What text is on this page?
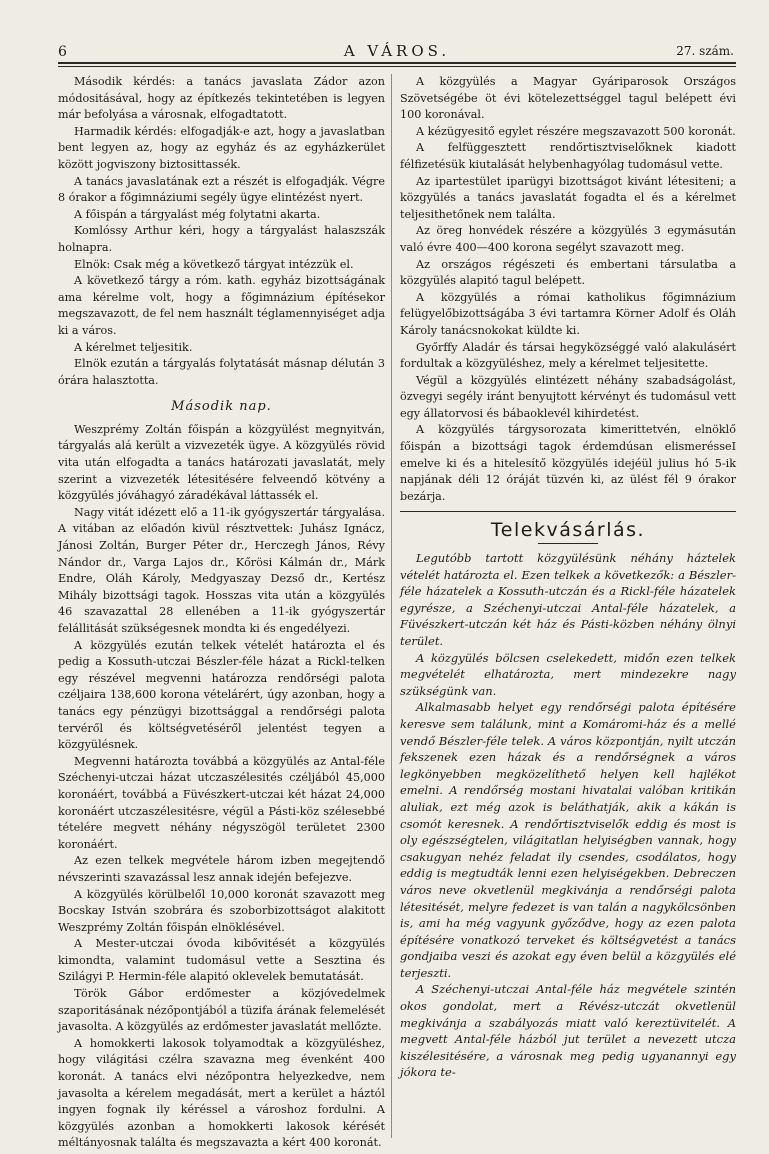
6	A VÁROS.	27. szám.

Második kérdés: a tanács javaslata Zádor azon módositásával, hogy az építkezés tekintetében is legyen már befolyása a városnak, elfogadtatott.

Harmadik kérdés: elfogadják-e azt, hogy a javaslatban bent legyen az, hogy az egyház és az egyházkerület között jogviszony biztosittassék.

A tanács javaslatának ezt a részét is elfogadják. Végre 8 órakor a főgimnáziumi segély ügye elintézést nyert.

A főispán a tárgyalást még folytatni akarta.

Komlóssy Arthur kéri, hogy a tárgyalást halaszszák holnapra.

Elnök: Csak még a következő tárgyat intézzük el.

A következő tárgy a róm. kath. egyház bizottságának ama kérelme volt, hogy a főgimnázium építésekor megszavazott, de fel nem használt téglamennyiséget adja ki a város.

A kérelmet teljesitik.

Elnök ezután a tárgyalás folytatását másnap délután 3 órára halasztotta.

Második nap.

Weszprémy Zoltán főispán a közgyülést megnyitván, tárgyalás alá került a vizvezeték ügye. A közgyülés rövid vita után elfogadta a tanács határozati javaslatát, mely szerint a vizvezeték létesitésére felveendő kötvény a közgyülés jóváhagyó záradékával láttassék el.

Nagy vitát idézett elő a 11-ik gyógyszertár tárgyalása. A vitában az előadón kivül résztvettek: Juhász Ignácz, Jánosi Zoltán, Burger Péter dr., Herczegh János, Révy Nándor dr., Varga Lajos dr., Kőrösi Kálmán dr., Márk Endre, Oláh Károly, Medgyaszay Dezső dr., Kertész Mihály bizottsági tagok. Hosszas vita után a közgyülés 46 szavazattal 28 ellenében a 11-ik gyógyszertár felállitását szükségesnek mondta ki és engedélyezi.

A közgyülés ezután telkek vételét határozta el és pedig a Kossuth-utczai Bészler-féle házat a Rickl-telken egy részével megvenni határozza rendőrségi palota czéljaira 138,600 korona vételárért, úgy azonban, hogy a tanács egy pénzügyi bizottsággal a rendőrségi palota tervéről és költségvetéséről jelentést tegyen a közgyülésnek.

Megvenni határozta továbbá a közgyülés az Antal-féle Széchenyi-utczai házat utczaszélesités czéljából 45,000 koronáért, továbbá a Füvészkert-utczai két házat 24,000 koronáért utczaszélesitésre, végül a Pásti-köz szélesebbé tételére megvett néhány négyszögöl területet 2300 koronáért.

Az ezen telkek megvétele három izben megejtendő névszerinti szavazással lesz annak idején befejezve.

A közgyülés körülbelől 10,000 koronát szavazott meg Bocskay István szobrára és szoborbizottságot alakitott Weszprémy Zoltán főispán elnöklésével.

A Mester-utczai óvoda kibővitését a közgyülés kimondta, valamint tudomásul vette a Sesztina és Szilágyi P. Hermin-féle alapitó oklevelek bemutatását.

Török Gábor erdőmester a közjóvedelmek szaporitásának nézőpontjából a tüzifa árának felemelését javasolta. A közgyülés az erdőmester javaslatát mellőzte.

A homokkerti lakosok tolyamodtak a közgyüléshez, hogy világitási czélra szavazna meg évenként 400 koronát. A tanács elvi nézőpontra helyezkedve, nem javasolta a kérelem megadását, mert a kerület a háztól ingyen fognak ily kéréssel a városhoz fordulni. A közgyülés azonban a homokkerti lakosok kérését méltányosnak találta és megszavazta a kért 400 koronát.

A közgyülés a Magyar Gyáriparosok Országos Szövetségébe öt évi kötelezettséggel tagul belépett évi 100 koronával.

A kézügyesitő egylet részére megszavazott 500 koronát.

A felfüggesztett rendőrtisztviselőknek kiadott félfizetésük kiutalását helybenhagyólag tudomásul vette.

Az ipartestület iparügyi bizottságot kivánt létesiteni; a közgyülés a tanács javaslatát fogadta el és a kérelmet teljesithetőnek nem találta.

Az öreg honvédek részére a közgyülés 3 egymásután való évre 400—400 korona segélyt szavazott meg.

Az országos régészeti és embertani társulatba a közgyülés alapitó tagul belépett.

A közgyülés a római katholikus főgimnázium felügyelőbizottságába 3 évi tartamra Körner Adolf és Oláh Károly tanácsnokokat küldte ki.

Győrffy Aladár és társai hegyközséggé való alakulásért fordultak a közgyüléshez, mely a kérelmet teljesitette.

Végül a közgyülés elintézett néhány szabadságolást, özvegyi segély iránt benyujtott kérvényt és tudomásul vett egy állatorvosi és bábaoklevél kihirdetést.

A közgyülés tárgysorozata kimerittetvén, elnöklő főispán a bizottsági tagok érdemdúsan elismerésseI emelve ki és a hitelesítő közgyülés idejéül julius hó 5-ik napjának déli 12 óráját tüzvén ki, az ülést fél 9 órakor bezárja.

Telekvásárlás.

Legutóbb tartott közgyülésünk néhány háztelek vételét határozta el. Ezen telkek a következők: a Bészler-féle házatelek a Kossuth-utczán és a Rickl-féle házatelek egyrésze, a Széchenyi-utczai Antal-féle házatelek, a Füvészkert-utczán két ház és Pásti-közben néhány ölnyi terület.

A közgyülés bölcsen cselekedett, midőn ezen telkek megvételét elhatározta, mert mindezekre nagy szükségünk van.

Alkalmasabb helyet egy rendőrségi palota építésére keresve sem találunk, mint a Komáromi-ház és a mellé vendő Bészler-féle telek. A város központján, nyilt utczán fekszenek ezen házak és a rendőrségnek a város legkönyebben megközelíthető helyen kell hajlékot emelni. A rendőrség mostani hivatalai valóban kritikán aluliak, ezt még azok is beláthatják, akik a kákán is csomót keresnek. A rendőrtisztviselők eddig és most is oly egészségtelen, világitatlan helyiségben vannak, hogy csakugyan nehéz feladat ily csendes, csodálatos, hogy eddig is megtudták lenni ezen helyiségekben. Debreczen város neve okvetlenül megkivánja a rendőrségi palota létesitését, melyre fedezet is van talán a nagykölcsönben is, ami ha még vagyunk győződve, hogy az ezen palota építésére vonatkozó terveket és költségvetést a tanács gondjaiba veszi és azokat egy éven belül a közgyülés elé terjeszti.

A Széchenyi-utczai Antal-féle ház megvétele szintén okos gondolat, mert a Révész-utczát okvetlenül megkivánja a szabályozás miatt való kereztüvitelét. A megvett Antal-féle házból jut terület a nevezett utcza kiszélesitésére, a városnak meg pedig ugyanannyi egy jókora te-
